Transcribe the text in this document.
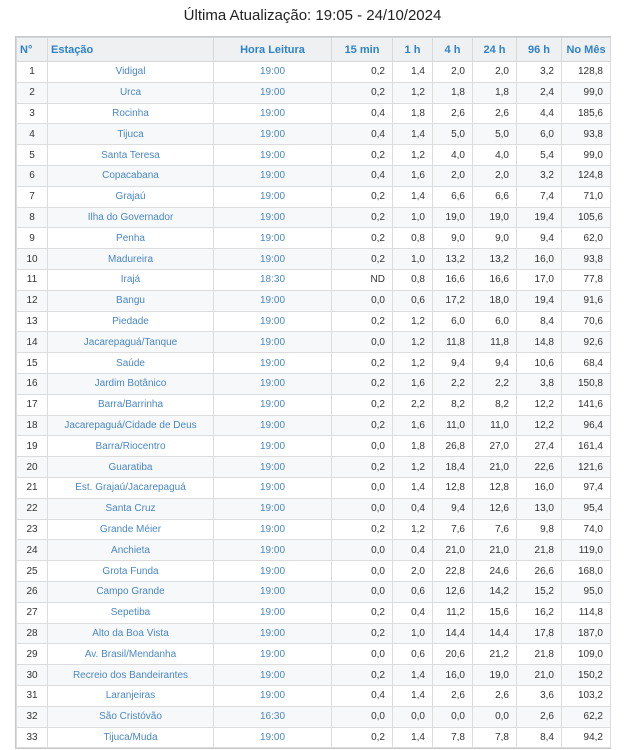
Última Atualização: 19:05 - 24/10/2024
N°	Estação	Hora Leitura	15 min	1 h	4 h	24 h	96 h	No Mês
1	Vidigal	19:00	0,2	1,4	2,0	2,0	3,2	128,8
2	Urca	19:00	0,2	1,2	1,8	1,8	2,4	99,0
3	Rocinha	19:00	0,4	1,8	2,6	2,6	4,4	185,6
4	Tijuca	19:00	0,4	1,4	5,0	5,0	6,0	93,8
5	Santa Teresa	19:00	0,2	1,2	4,0	4,0	5,4	99,0
6	Copacabana	19:00	0,4	1,6	2,0	2,0	3,2	124,8
7	Grajaú	19:00	0,2	1,4	6,6	6,6	7,4	71,0
8	Ilha do Governador	19:00	0,2	1,0	19,0	19,0	19,4	105,6
9	Penha	19:00	0,2	0,8	9,0	9,0	9,4	62,0
10	Madureira	19:00	0,2	1,0	13,2	13,2	16,0	93,8
11	Irajá	18:30	ND	0,8	16,6	16,6	17,0	77,8
12	Bangu	19:00	0,0	0,6	17,2	18,0	19,4	91,6
13	Piedade	19:00	0,2	1,2	6,0	6,0	8,4	70,6
14	Jacarepaguá/Tanque	19:00	0,0	1,2	11,8	11,8	14,8	92,6
15	Saúde	19:00	0,2	1,2	9,4	9,4	10,6	68,4
16	Jardim Botânico	19:00	0,2	1,6	2,2	2,2	3,8	150,8
17	Barra/Barrinha	19:00	0,2	2,2	8,2	8,2	12,2	141,6
18	Jacarepaguá/Cidade de Deus	19:00	0,2	1,6	11,0	11,0	12,2	96,4
19	Barra/Riocentro	19:00	0,0	1,8	26,8	27,0	27,4	161,4
20	Guaratiba	19:00	0,2	1,2	18,4	21,0	22,6	121,6
21	Est. Grajaú/Jacarepaguá	19:00	0,0	1,4	12,8	12,8	16,0	97,4
22	Santa Cruz	19:00	0,0	0,4	9,4	12,6	13,0	95,4
23	Grande Méier	19:00	0,2	1,2	7,6	7,6	9,8	74,0
24	Anchieta	19:00	0,0	0,4	21,0	21,0	21,8	119,0
25	Grota Funda	19:00	0,0	2,0	22,8	24,6	26,6	168,0
26	Campo Grande	19:00	0,0	0,6	12,6	14,2	15,2	95,0
27	Sepetiba	19:00	0,2	0,4	11,2	15,6	16,2	114,8
28	Alto da Boa Vista	19:00	0,2	1,0	14,4	14,4	17,8	187,0
29	Av. Brasil/Mendanha	19:00	0,0	0,6	20,6	21,2	21,8	109,0
30	Recreio dos Bandeirantes	19:00	0,2	1,4	16,0	19,0	21,0	150,2
31	Laranjeiras	19:00	0,4	1,4	2,6	2,6	3,6	103,2
32	São Cristóvão	16:30	0,0	0,0	0,0	0,0	2,6	62,2
33	Tijuca/Muda	19:00	0,2	1,4	7,8	7,8	8,4	94,2
